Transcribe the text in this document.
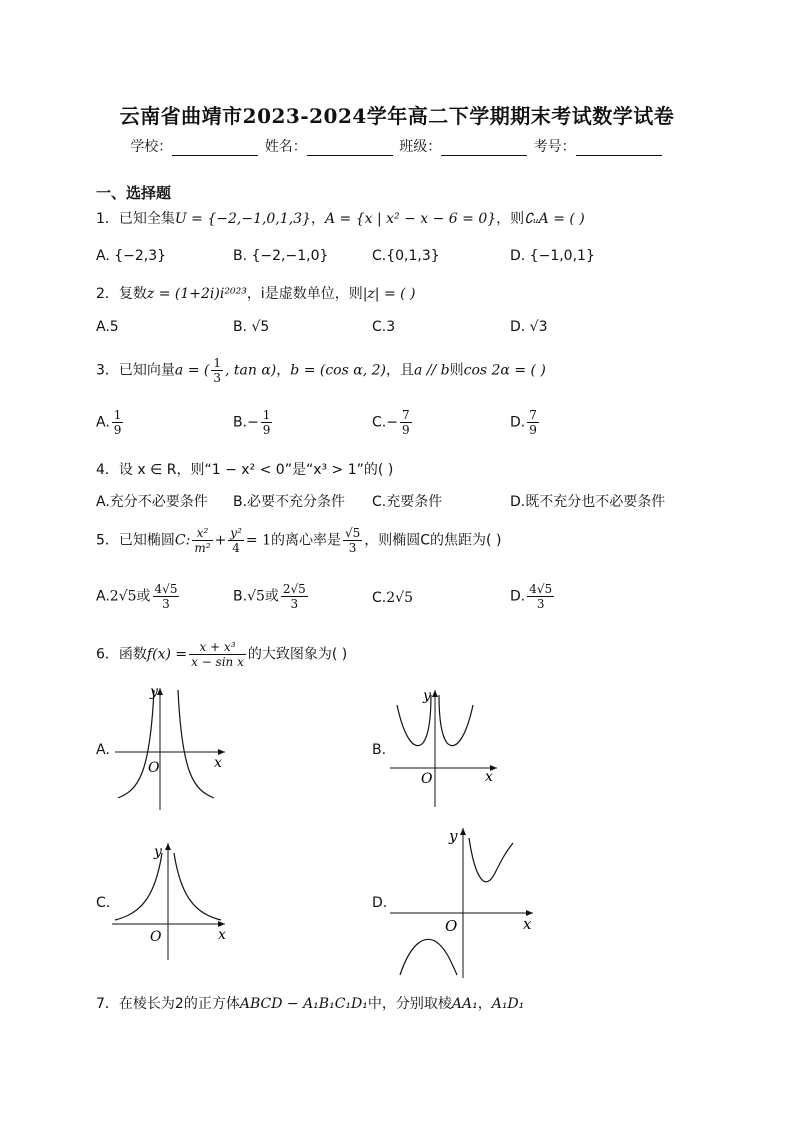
云南省曲靖市2023-2024学年高二下学期期末考试数学试卷
学校：	姓名：	班级：	考号：
一、选择题
1．已知全集U = {−2,−1,0,1,3}，A = {x | x² − x − 6 = 0}，则∁ᵤA = ( )
A. {−2,3}	B. {−2,−1,0}	C.{0,1,3}	D. {−1,0,1}
2．复数z = (1+2i)i²⁰²³，i是虚数单位，则|z| = ( )
A.5	B. √5	C.3	D. √3
3．已知向量a = ( $\frac{1}{3}$ , tan α)，b = (cos α, 2)，且a // b则cos 2α = ( )
A. $\frac{1}{9}$	$B.- \frac{1}{9}$	$C.- \frac{7}{9}$	D. $\frac{7}{9}$
4．设 x ∈ R，则“1 − x² < 0”是“x³ > 1”的( )
A.充分不必要条件 B.必要不充分条件 C.充要条件	D.既不充分也不必要条件
5．已知椭圆C: $\frac{\text{x²}}{\text{m²}} + \frac{\text{y²}}{4} = 1$的离心率是 $\frac{√5}{3}$ ，则椭圆C的焦距为( )
A.2√5或 $\frac{4√5}{3}$	B.√5或 $\frac{2√5}{3}$	C.2√5	D. $\frac{4√5}{3}$
6．函数$f(x) = \frac{\text{x + x³}}{\text{x − sin x}}$ 的大致图象为( )
A.
O	x
y
B.
O	x
y
C.
O	x
y
D.
O	x
y
7．在棱长为2的正方体ABCD − A₁B₁C₁D₁中，分别取棱AA₁，A₁D₁
